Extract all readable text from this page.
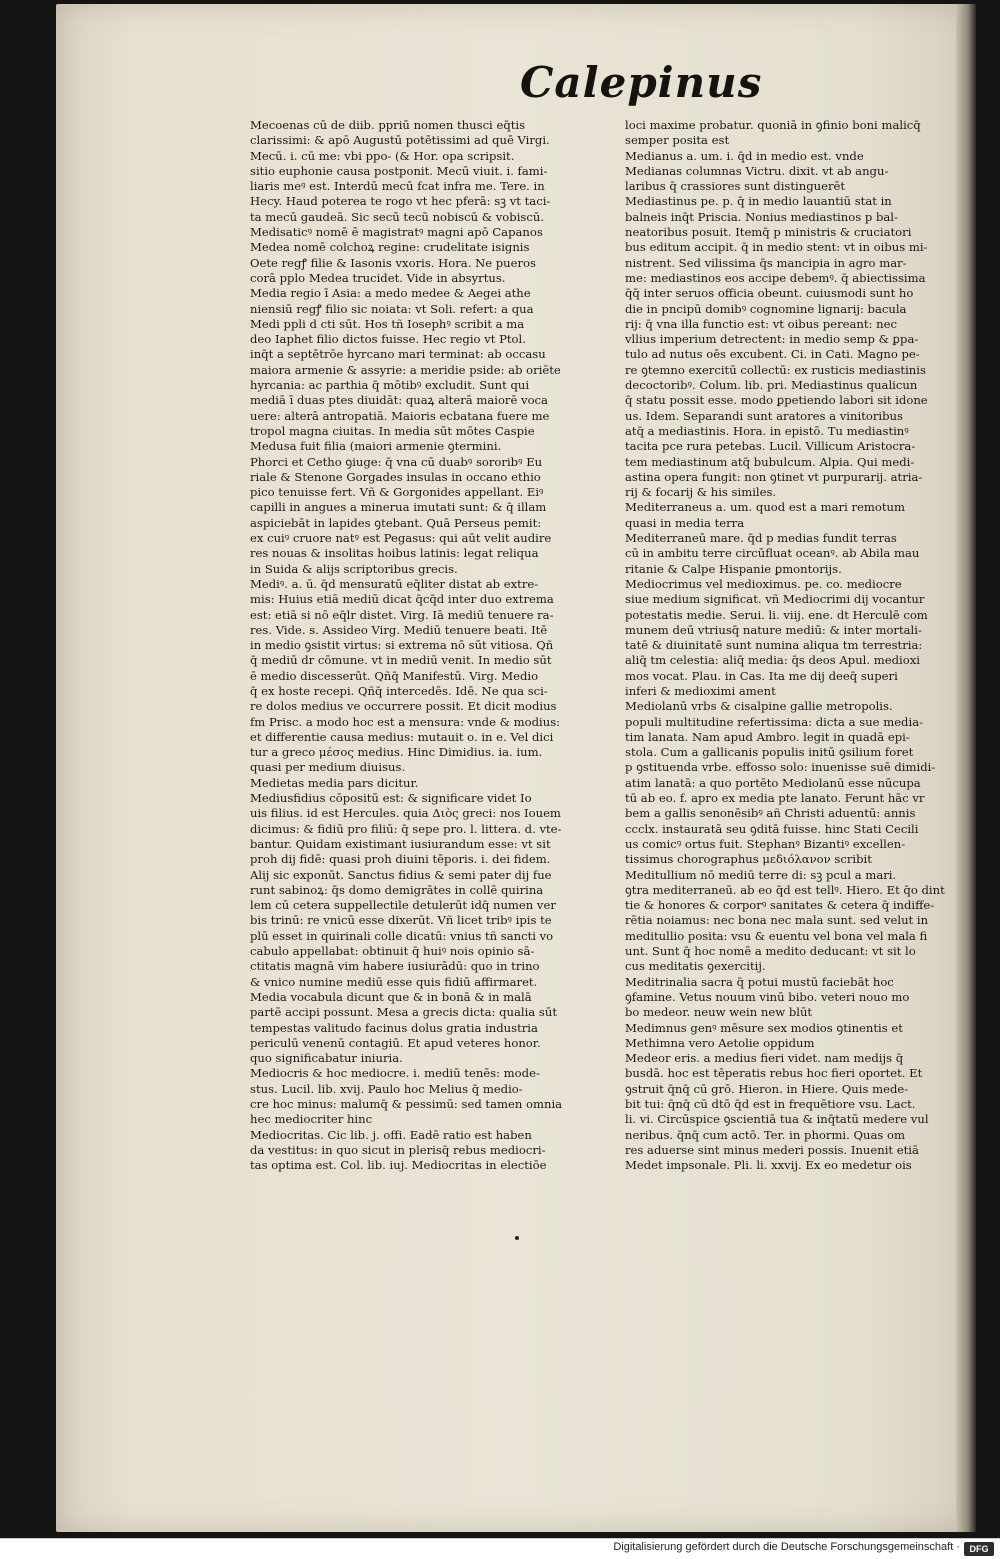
Calepinus
Mecoenas cū de diib. ppriū nomen thusci eq̄tis
clarissimi: & apō Augustū potētissimi ad quē Virgi.
Mecū. i. cū me: vbi ppo- (& Hor. opa scripsit.
sitio euphonie causa postponit. Mecū viuit. i. fami-
liaris meꝰ est. Interdū mecū fcat infra me. Tere. in
Hecy. Haud poterea te rogo vt hec pferā: sꝫ vt taci-
ta mecū gaudeā. Sic secū tecū nobiscū & vobiscū.
Medisaticꝰ nomē ē magistratꝰ magni apō Capanos
Medea nomē colchoꝝ regine: crudelitate isignis
Oete regꝭ filie & Iasonis vxoris. Hora. Ne pueros
corā pplo Medea trucidet. Vide in absyrtus.
Media regio ī Asia: a medo medee & Aegei athe
niensiū regꝭ filio sic noiata: vt Soli. refert: a qua
Medi ppli d cti sūt. Hos tñ Iosephꝰ scribit a ma
deo Iaphet filio dictos fuisse. Hec regio vt Ptol.
inq̄t a septētrōe hyrcano mari terminat: ab occasu
maiora armenie & assyrie: a meridie pside: ab oriēte
hyrcania: ac parthia q̄ mōtibꝰ excludit. Sunt qui
mediā ī duas ptes diuidāt: quaꝝ alterā maiorē voca
uere: alterā antropatiā. Maioris ecbatana fuere me
tropol magna ciuitas. In media sūt mōtes Caspie
Medusa fuit filia (maiori armenie ꝯtermini.
Phorci et Cetho ꝯiuge: q̄ vna cū duabꝰ sororibꝰ Eu
riale & Stenone Gorgades insulas in occano ethio
pico tenuisse fert. Vñ & Gorgonides appellant. Eiꝰ
capilli in angues a minerua imutati sunt: & q̄ illam
aspiciebāt in lapides ꝯtebant. Quā Perseus pemit:
ex cuiꝰ cruore natꝰ est Pegasus: qui aūt velit audire
res nouas & insolitas hoibus latinis: legat reliqua
in Suida & alijs scriptoribus grecis.
Mediꝰ. a. ū. q̄d mensuratū eq̄liter distat ab extre-
mis: Huius etiā mediū dicat q̄cq̄d inter duo extrema
est: etiā si nō eq̄lr distet. Virg. Iā mediū tenuere ra-
res. Vide. s. Assideo Virg. Mediū tenuere beati. Itē
in medio ꝯsistit virtus: si extrema nō sūt vitiosa. Qñ
q̄ mediū dr cōmune. vt in mediū venit. In medio sūt
ē medio discesserūt. Qñq̄ Manifestū. Virg. Medio
q̄ ex hoste recepi. Qñq̄ intercedēs. Idē. Ne qua sci-
re dolos medius ve occurrere possit. Et dicit modius
fm Prisc. a modo hoc est a mensura: vnde & modius:
et differentie causa medius: mutauit o. in e. Vel dici
tur a greco μέσος medius. Hinc Dimidius. ia. ium.
quasi per medium diuisus.
Medietas media pars dicitur.
Mediusfidius cōpositū est: & significare videt Io
uis filius. id est Hercules. quia Διὸς greci: nos Iouem
dicimus: & fidiū pro filiū: q̄ sepe pro. l. littera. d. vte-
bantur. Quidam existimant iusiurandum esse: vt sit
proh dij fidē: quasi proh diuini tēporis. i. dei fidem.
Alij sic exponūt. Sanctus fidius & semi pater dij fue
runt sabinoꝝ: q̄s domo demigrātes in collē quirina
lem cū cetera suppellectile detulerūt idq̄ numen ver
bis trinū: re vnicū esse dixerūt. Vñ licet tribꝰ ipis te
plū esset in quirinali colle dicatū: vnius tñ sancti vo
cabulo appellabat: obtinuit q̄ huiꝰ nois opinio sā-
ctitatis magnā vim habere iusiurādū: quo in trino
& vnico numine mediū esse quis fidiū affirmaret.
Media vocabula dicunt que & in bonā & in malā
partē accipi possunt. Mesa a grecis dicta: qualia sūt
tempestas valitudo facinus dolus gratia industria
periculū venenū contagiū. Et apud veteres honor.
quo significabatur iniuria.
Mediocris & hoc mediocre. i. mediū tenēs: mode-
stus. Lucil. lib. xvij. Paulo hoc Melius q̄ medio-
cre hoc minus: malumq̄ & pessimū: sed tamen omnia
hec mediocriter hinc
Mediocritas. Cic lib. j. offi. Eadē ratio est haben
da vestitus: in quo sicut in plerisq̄ rebus mediocri-
tas optima est. Col. lib. iuj. Mediocritas in electiōe
loci maxime probatur. quoniā in ꝯfinio boni malicq̄
semper posita est
Medianus a. um. i. q̄d in medio est. vnde
Medianas columnas Victru. dixit. vt ab angu-
laribus q̄ crassiores sunt distinguerēt
Mediastinus pe. p. q̄ in medio lauantiū stat in
balneis inq̄t Priscia. Nonius mediastinos p bal-
neatoribus posuit. Itemq̄ p ministris & cruciatori
bus editum accipit. q̄ in medio stent: vt in oibus mi-
nistrent. Sed vilissima q̄s mancipia in agro mar-
me: mediastinos eos accipe debemꝰ. q̄ abiectissima
q̄q̄ inter seruos officia obeunt. cuiusmodi sunt ho
die in pncipū domibꝰ cognomine lignarij: bacula
rij: q̄ vna illa functio est: vt oibus pereant: nec
vllius imperium detrectent: in medio semp & ꝑpa-
tulo ad nutus oēs excubent. Ci. in Cati. Magno pe-
re ꝯtemno exercitū collectū: ex rusticis mediastinis
decoctoribꝰ. Colum. lib. pri. Mediastinus qualicun
q̄ statu possit esse. modo ꝑpetiendo labori sit idone
us. Idem. Separandi sunt aratores a vinitoribus
atq̄ a mediastinis. Hora. in epistō. Tu mediastinꝰ
tacita pce rura petebas. Lucil. Villicum Aristocra-
tem mediastinum atq̄ bubulcum. Alpia. Qui medi-
astina opera fungit: non ꝯtinet vt purpurarij. atria-
rij & focarij & his similes.
Mediterraneus a. um. quod est a mari remotum
quasi in media terra
Mediterraneū mare. q̄d p medias fundit terras
cū in ambitu terre circūfluat oceanꝰ. ab Abila mau
ritanie & Calpe Hispanie ꝑmontorijs.
Mediocrimus vel medioximus. pe. co. mediocre
siue medium significat. vñ Mediocrimi dij vocantur
potestatis medie. Serui. li. viij. ene. dt Herculē com
munem deū vtriusq̄ nature mediū: & inter mortali-
tatē & diuinitatē sunt numina aliqua tm terrestria:
aliq̄ tm celestia: aliq̄ media: q̄s deos Apul. medioxi
mos vocat. Plau. in Cas. Ita me dij deeq̄ superi
inferi & medioximi ament
Mediolanū vrbs & cisalpine gallie metropolis.
populi multitudine refertissima: dicta a sue media-
tim lanata. Nam apud Ambro. legit in quadā epi-
stola. Cum a gallicanis populis initū ꝯsilium foret
p ꝯstituenda vrbe. effosso solo: inuenisse suē dimidi-
atim lanatā: a quo portēto Mediolanū esse nūcupa
tū ab eo. f. apro ex media pte lanato. Ferunt hāc vr
bem a gallis senonēsibꝰ añ Christi aduentū: annis
ccclx. instauratā seu ꝯditā fuisse. hinc Stati Cecili
us comicꝰ ortus fuit. Stephanꝰ Bizantiꝰ excellen-
tissimus chorographus μεδιόλανον scribit
Meditullium nō mediū terre di: sꝫ pcul a mari.
ꝯtra mediterraneū. ab eo q̄d est tellꝰ. Hiero. Et q̄o dint
tie & honores & corporꝰ sanitates & cetera q̄ indiffe-
rētia noiamus: nec bona nec mala sunt. sed velut in
meditullio posita: vsu & euentu vel bona vel mala fi
unt. Sunt q̄ hoc nomē a medito deducant: vt sit lo
cus meditatis ꝯexercitij.
Meditrinalia sacra q̄ potui mustū faciebāt hoc
ꝯfamine. Vetus nouum vinū bibo. veteri nouo mo
bo medeor. neuw wein new blūt
Medimnus genꝰ mēsure sex modios ꝯtinentis et
Methimna vero Aetolie oppidum
Medeor eris. a medius fieri videt. nam medijs q̄
busdā. hoc est tēperatis rebus hoc fieri oportet. Et
ꝯstruit q̄nq̄ cū grō. Hieron. in Hiere. Quis mede-
bit tui: q̄nq̄ cū dtō q̄d est in frequētiore vsu. Lact.
li. vi. Circūspice ꝯscientiā tua & inq̄tatū medere vul
neribus. q̄nq̄ cum actō. Ter. in phormi. Quas om
res aduerse sint minus mederi possis. Inuenit etiā
Medet impsonale. Pli. li. xxvij. Ex eo medetur ois
Digitalisierung gefördert durch die Deutsche Forschungsgemeinschaft ·	DFG
